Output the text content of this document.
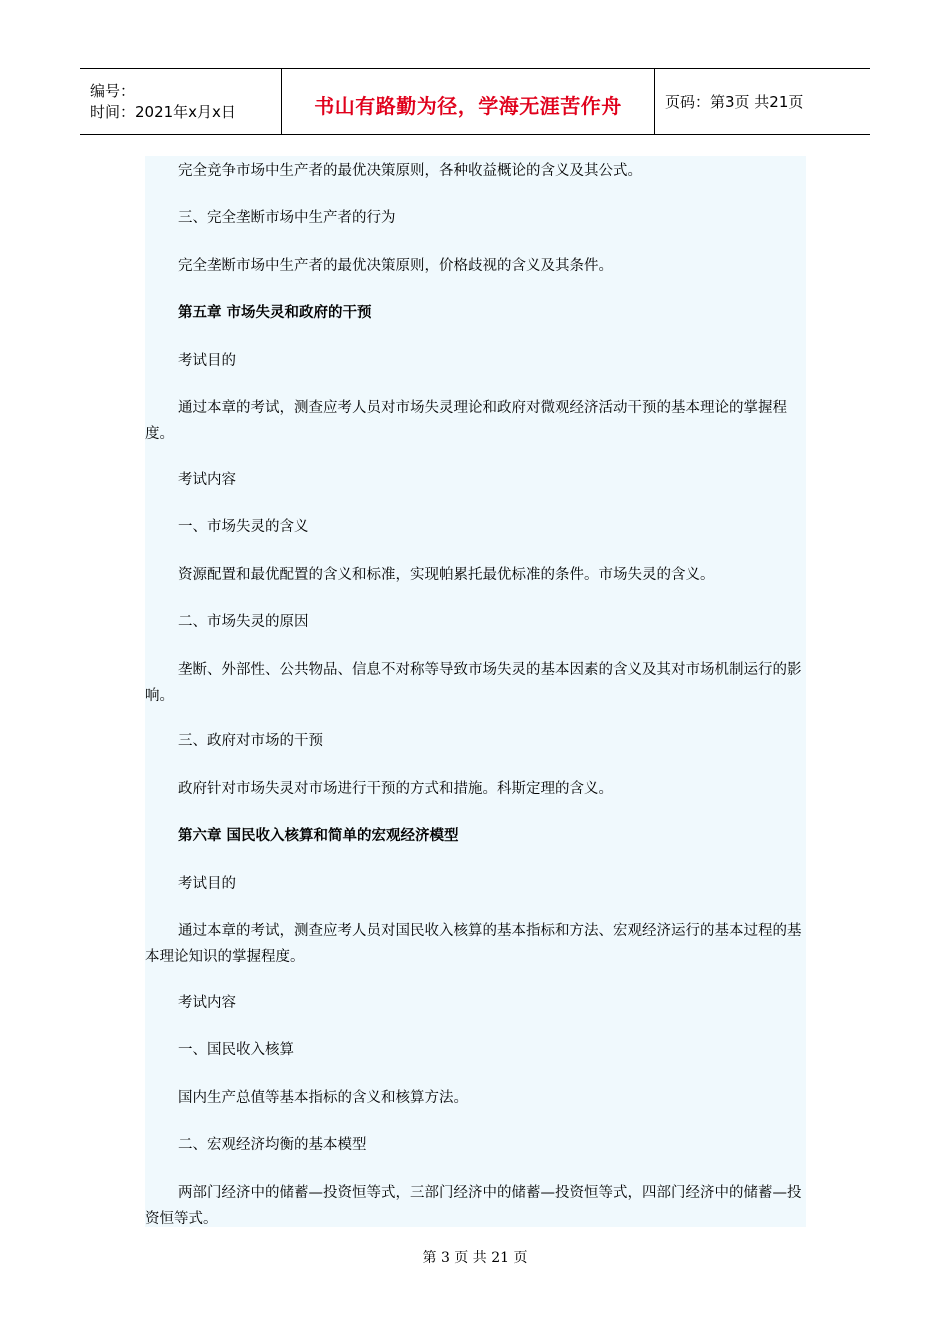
编号：
时间：2021年x月x日	书山有路勤为径，学海无涯苦作舟	页码：第3页 共21页

完全竞争市场中生产者的最优决策原则，各种收益概论的含义及其公式。

三、完全垄断市场中生产者的行为

完全垄断市场中生产者的最优决策原则，价格歧视的含义及其条件。

第五章 市场失灵和政府的干预

考试目的

通过本章的考试，测查应考人员对市场失灵理论和政府对微观经济活动干预的基本理论的掌握程度。

考试内容

一、市场失灵的含义

资源配置和最优配置的含义和标准，实现帕累托最优标准的条件。市场失灵的含义。

二、市场失灵的原因

垄断、外部性、公共物品、信息不对称等导致市场失灵的基本因素的含义及其对市场机制运行的影响。

三、政府对市场的干预

政府针对市场失灵对市场进行干预的方式和措施。科斯定理的含义。

第六章 国民收入核算和简单的宏观经济模型

考试目的

通过本章的考试，测查应考人员对国民收入核算的基本指标和方法、宏观经济运行的基本过程的基本理论知识的掌握程度。

考试内容

一、国民收入核算

国内生产总值等基本指标的含义和核算方法。

二、宏观经济均衡的基本模型

两部门经济中的储蓄—投资恒等式，三部门经济中的储蓄—投资恒等式，四部门经济中的储蓄—投资恒等式。

第 3 页 共 21 页
